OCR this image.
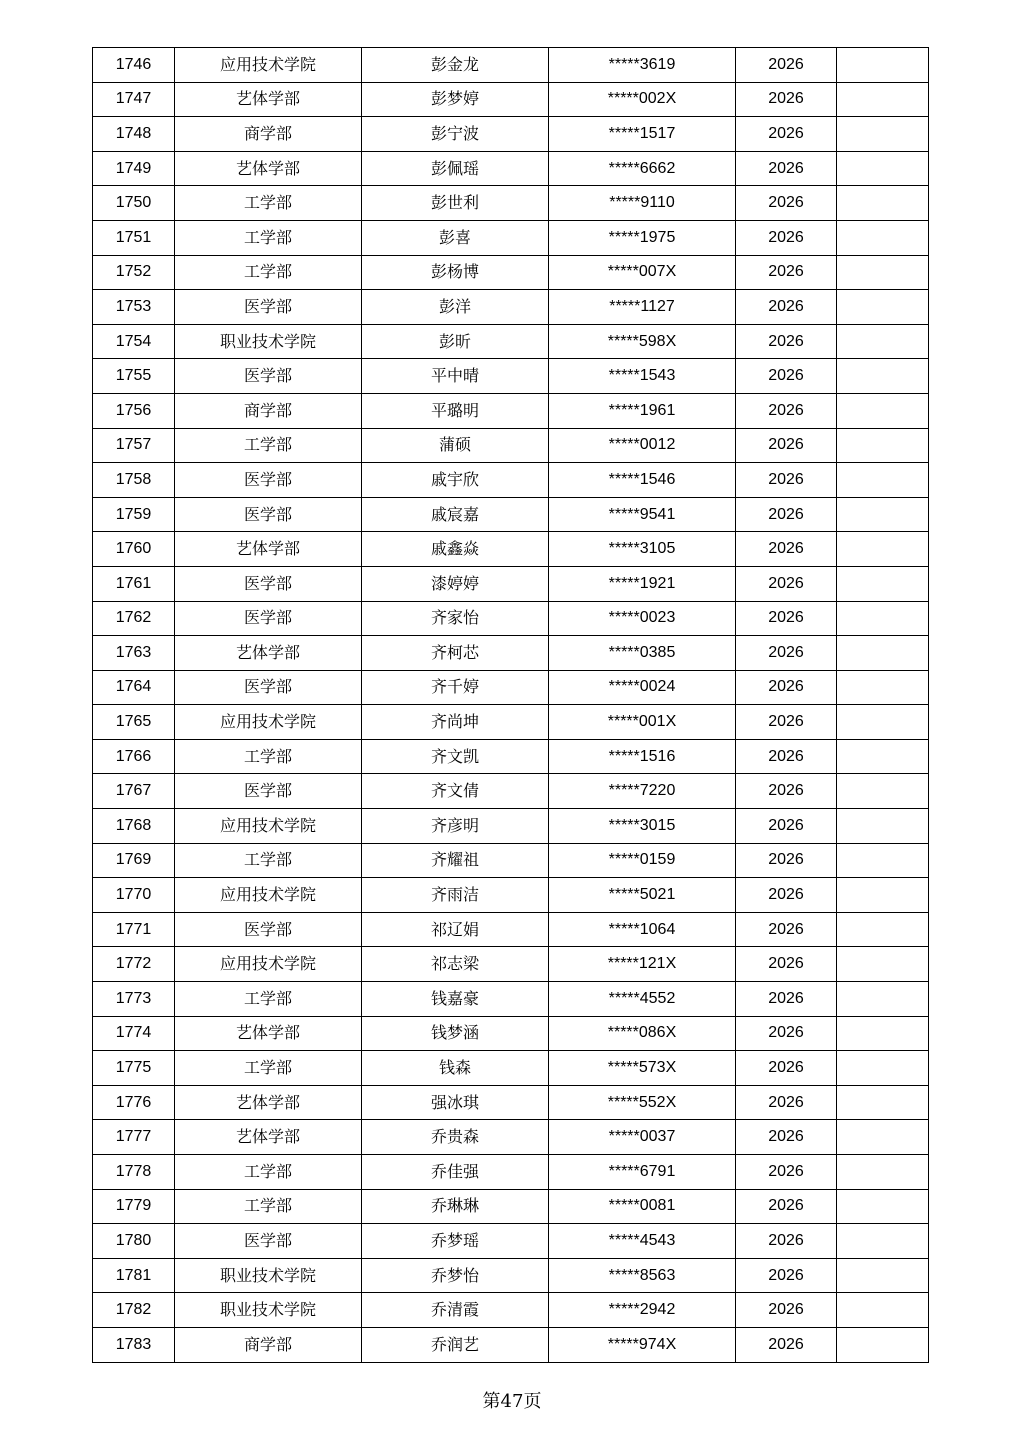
1746	应用技术学院	彭金龙	*****3619	2026	
1747	艺体学部	彭梦婷	*****002X	2026	
1748	商学部	彭宁波	*****1517	2026	
1749	艺体学部	彭佩瑶	*****6662	2026	
1750	工学部	彭世利	*****9110	2026	
1751	工学部	彭喜	*****1975	2026	
1752	工学部	彭杨博	*****007X	2026	
1753	医学部	彭洋	*****1127	2026	
1754	职业技术学院	彭昕	*****598X	2026	
1755	医学部	平中晴	*****1543	2026	
1756	商学部	平璐明	*****1961	2026	
1757	工学部	蒲硕	*****0012	2026	
1758	医学部	戚宇欣	*****1546	2026	
1759	医学部	戚宸嘉	*****9541	2026	
1760	艺体学部	戚鑫焱	*****3105	2026	
1761	医学部	漆婷婷	*****1921	2026	
1762	医学部	齐家怡	*****0023	2026	
1763	艺体学部	齐柯芯	*****0385	2026	
1764	医学部	齐千婷	*****0024	2026	
1765	应用技术学院	齐尚坤	*****001X	2026	
1766	工学部	齐文凯	*****1516	2026	
1767	医学部	齐文倩	*****7220	2026	
1768	应用技术学院	齐彦明	*****3015	2026	
1769	工学部	齐耀祖	*****0159	2026	
1770	应用技术学院	齐雨洁	*****5021	2026	
1771	医学部	祁辽娟	*****1064	2026	
1772	应用技术学院	祁志梁	*****121X	2026	
1773	工学部	钱嘉豪	*****4552	2026	
1774	艺体学部	钱梦涵	*****086X	2026	
1775	工学部	钱森	*****573X	2026	
1776	艺体学部	强冰琪	*****552X	2026	
1777	艺体学部	乔贵森	*****0037	2026	
1778	工学部	乔佳强	*****6791	2026	
1779	工学部	乔琳琳	*****0081	2026	
1780	医学部	乔梦瑶	*****4543	2026	
1781	职业技术学院	乔梦怡	*****8563	2026	
1782	职业技术学院	乔清霞	*****2942	2026	
1783	商学部	乔润艺	*****974X	2026	
第47页
